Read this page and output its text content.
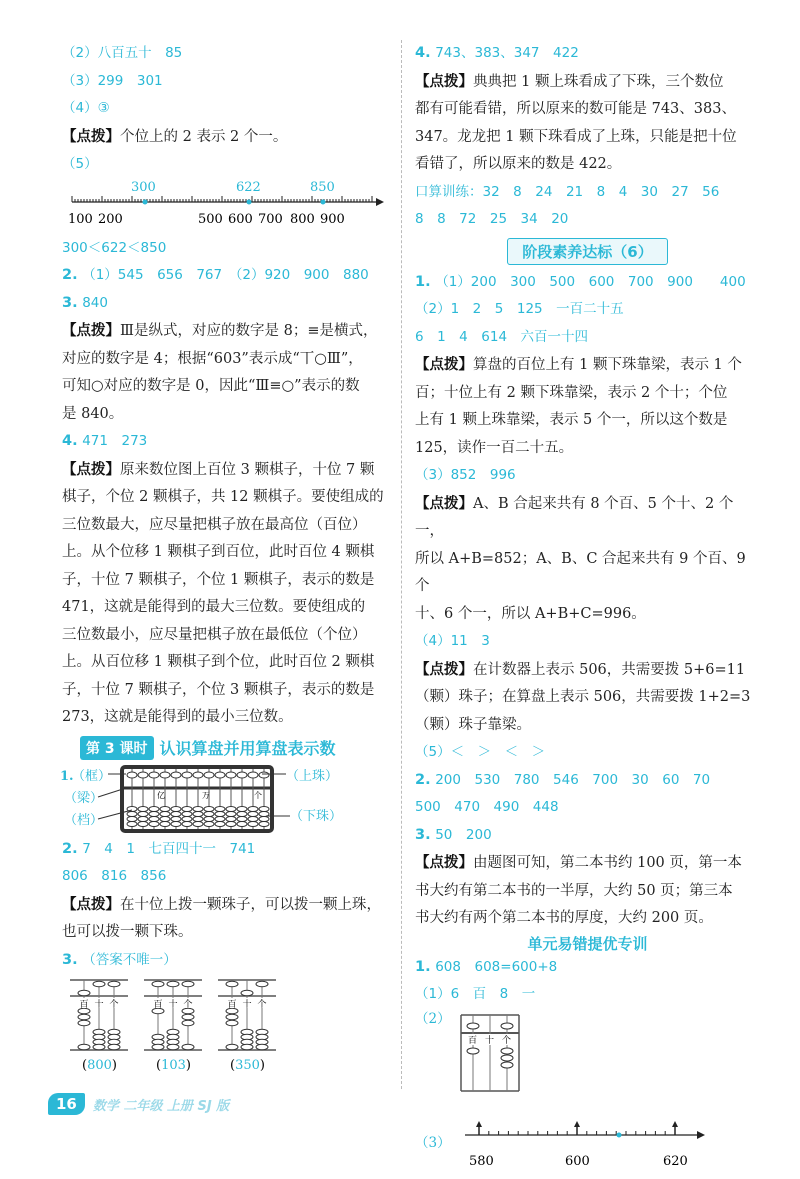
（2）八百五十　85
（3）299　301
（4）③
【点拨】个位上的 2 表示 2 个一。
（5）
300	622	850
100 200	500 600 700 800 900
300＜622＜850
2. （1）545　656　767　（2）920　900　880
3. 840
【点拨】Ⅲ是纵式，对应的数字是 8；≡是横式，
对应的数字是 4；根据“603”表示成“丅○Ⅲ”，
可知○对应的数字是 0，因此“Ⅲ≡○”表示的数
是 840。
4. 471　273
【点拨】原来数位图上百位 3 颗棋子，十位 7 颗
棋子，个位 2 颗棋子，共 12 颗棋子。要使组成的
三位数最大，应尽量把棋子放在最高位（百位）
上。从个位移 1 颗棋子到百位，此时百位 4 颗棋
子，十位 7 颗棋子，个位 1 颗棋子，表示的数是
471，这就是能得到的最大三位数。要使组成的
三位数最小，应尽量把棋子放在最低位（个位）
上。从百位移 1 颗棋子到个位，此时百位 2 颗棋
子，十位 7 颗棋子，个位 3 颗棋子，表示的数是
273，这就是能得到的最小三位数。
第 3 课时 认识算盘并用算盘表示数
1.
（框）
（梁）
（档）
（上珠）
（下珠）
亿	万	个
2. 7　4　1　七百四十一　741
806　816　856
【点拨】在十位上拨一颗珠子，可以拨一颗上珠，
也可以拨一颗下珠。
3. （答案不唯一）
百 十 个
(800)
百 十 个
(103)
百 十 个
(350)
4. 743、383、347　422
【点拨】典典把 1 颗上珠看成了下珠，三个数位
都有可能看错，所以原来的数可能是 743、383、
347。龙龙把 1 颗下珠看成了上珠，只能是把十位
看错了，所以原来的数是 422。
口算训练：32　8　24　21　8　4　30　27　56
8　8　72　25　34　20
阶段素养达标（6）
1. （1）200　300　500　600　700　900　　400
（2）1　2　5　125　一百二十五
6　1　4　614　六百一十四
【点拨】算盘的百位上有 1 颗下珠靠梁，表示 1 个
百；十位上有 2 颗下珠靠梁，表示 2 个十；个位
上有 1 颗上珠靠梁，表示 5 个一，所以这个数是
125，读作一百二十五。
（3）852　996
【点拨】A、B 合起来共有 8 个百、5 个十、2 个一，
所以 A+B=852；A、B、C 合起来共有 9 个百、9 个
十、6 个一，所以 A+B+C=996。
（4）11　3
【点拨】在计数器上表示 506，共需要拨 5+6=11
（颗）珠子；在算盘上表示 506，共需要拨 1+2=3
（颗）珠子靠梁。
（5）＜　＞　＜　＞
2. 200　530　780　546　700　30　60　70
500　470　490　448
3. 50　200
【点拨】由题图可知，第二本书约 100 页，第一本
书大约有第二本书的一半厚，大约 50 页；第三本
书大约有两个第二本书的厚度，大约 200 页。
单元易错提优专训
1. 608　608=600+8
（1）6　百　8　一
（2）
百 十 个
（3）
580	600	620
16	数学 二年级 上册 SJ 版
